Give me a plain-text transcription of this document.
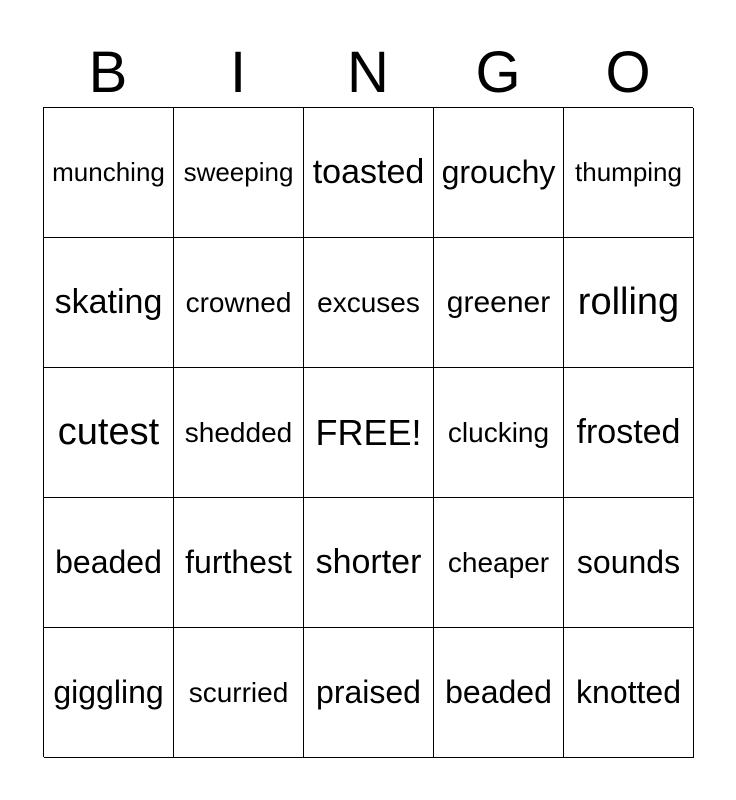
B	I	N	G	O
munching sweeping toasted grouchy thumping
skating crowned excuses greener rolling
cutest shedded FREE! clucking frosted
beaded furthest shorter cheaper sounds
giggling scurried praised beaded knotted
